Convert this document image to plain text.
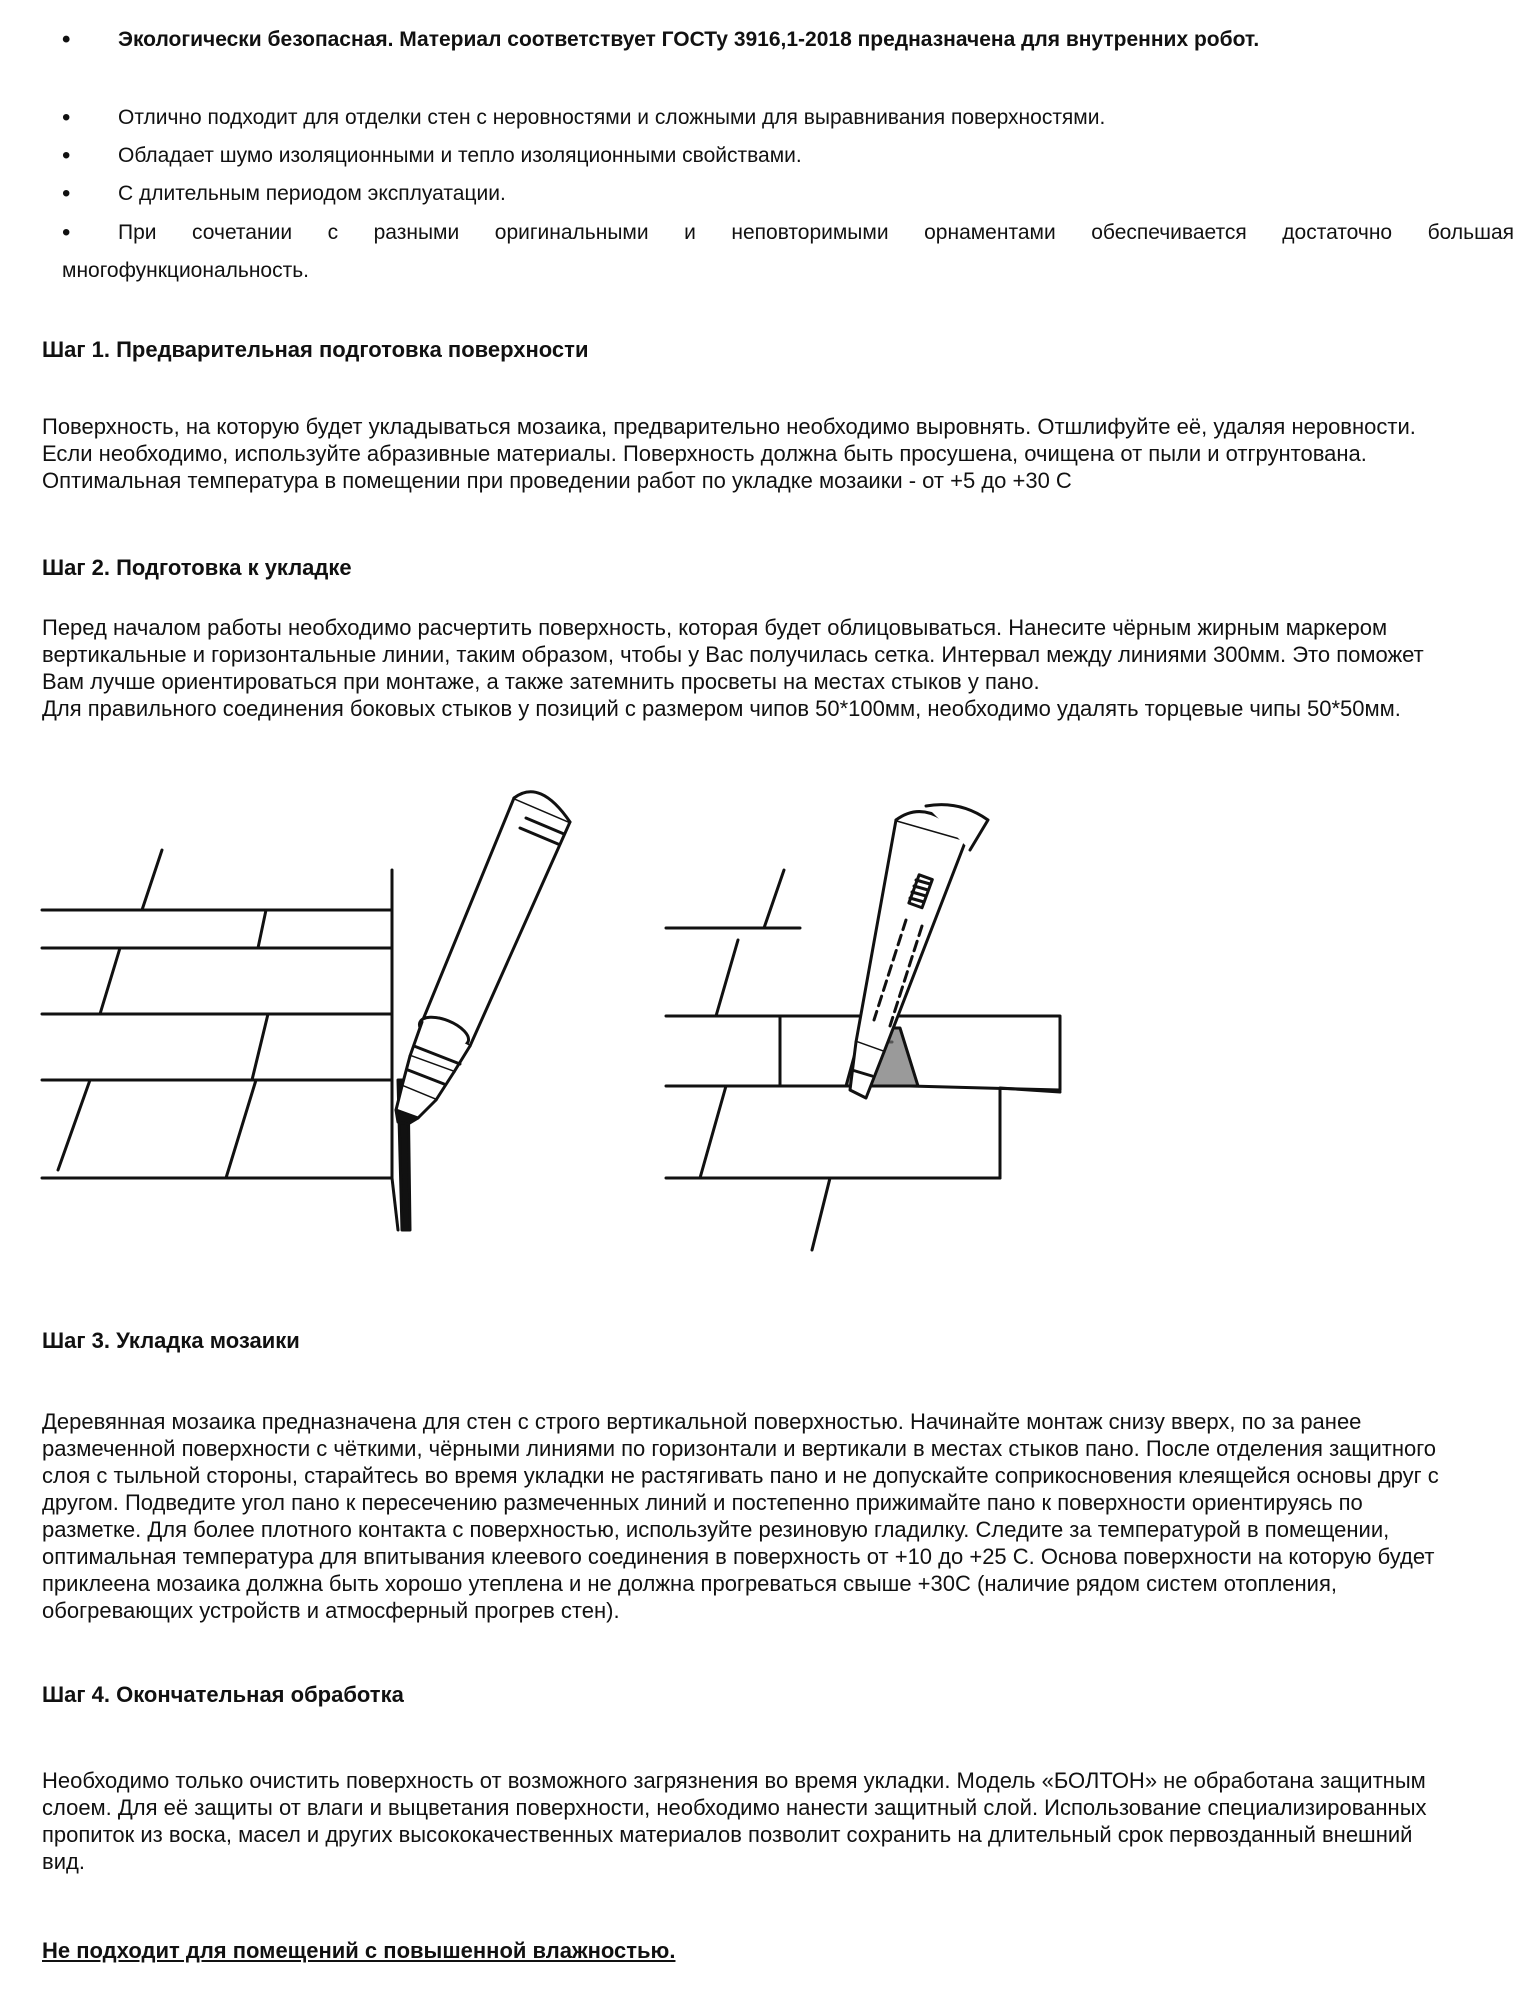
• Экологически безопасная. Материал соответствует ГОСТу 3916,1-2018 предназначена для внутренних робот.
• Отлично подходит для отделки стен с неровностями и сложными для выравнивания поверхностями.
• Обладает шумо изоляционными и тепло изоляционными свойствами.
• С длительным периодом эксплуатации.
• При сочетании с разными оригинальными и неповторимыми орнаментами обеспечивается достаточно большая
многофункциональность.
Шаг 1. Предварительная подготовка поверхности
Поверхность, на которую будет укладываться мозаика, предварительно необходимо выровнять. Отшлифуйте её, удаляя неровности.
Если необходимо, используйте абразивные материалы. Поверхность должна быть просушена, очищена от пыли и отгрунтована.
Оптимальная температура в помещении при проведении работ по укладке мозаики - от +5 до +30 С
Шаг 2. Подготовка к укладке
Перед началом работы необходимо расчертить поверхность, которая будет облицовываться. Нанесите чёрным жирным маркером
вертикальные и горизонтальные линии, таким образом, чтобы у Вас получилась сетка. Интервал между линиями 300мм. Это поможет
Вам лучше ориентироваться при монтаже, а также затемнить просветы на местах стыков у пано.
Для правильного соединения боковых стыков у позиций с размером чипов 50*100мм, необходимо удалять торцевые чипы 50*50мм.
Шаг 3. Укладка мозаики
Деревянная мозаика предназначена для стен с строго вертикальной поверхностью. Начинайте монтаж снизу вверх, по за ранее
размеченной поверхности с чёткими, чёрными линиями по горизонтали и вертикали в местах стыков пано. После отделения защитного
слоя с тыльной стороны, старайтесь во время укладки не растягивать пано и не допускайте соприкосновения клеящейся основы друг с
другом. Подведите угол пано к пересечению размеченных линий и постепенно прижимайте пано к поверхности ориентируясь по
разметке. Для более плотного контакта с поверхностью, используйте резиновую гладилку. Следите за температурой в помещении,
оптимальная температура для впитывания клеевого соединения в поверхность от +10 до +25 С. Основа поверхности на которую будет
приклеена мозаика должна быть хорошо утеплена и не должна прогреваться свыше +30С (наличие рядом систем отопления,
обогревающих устройств и атмосферный прогрев стен).
Шаг 4. Окончательная обработка
Необходимо только очистить поверхность от возможного загрязнения во время укладки. Модель «БОЛТОН» не обработана защитным
слоем. Для её защиты от влаги и выцветания поверхности, необходимо нанести защитный слой. Использование специализированных
пропиток из воска, масел и других высококачественных материалов позволит сохранить на длительный срок первозданный внешний
вид.
Не подходит для помещений с повышенной влажностью.
